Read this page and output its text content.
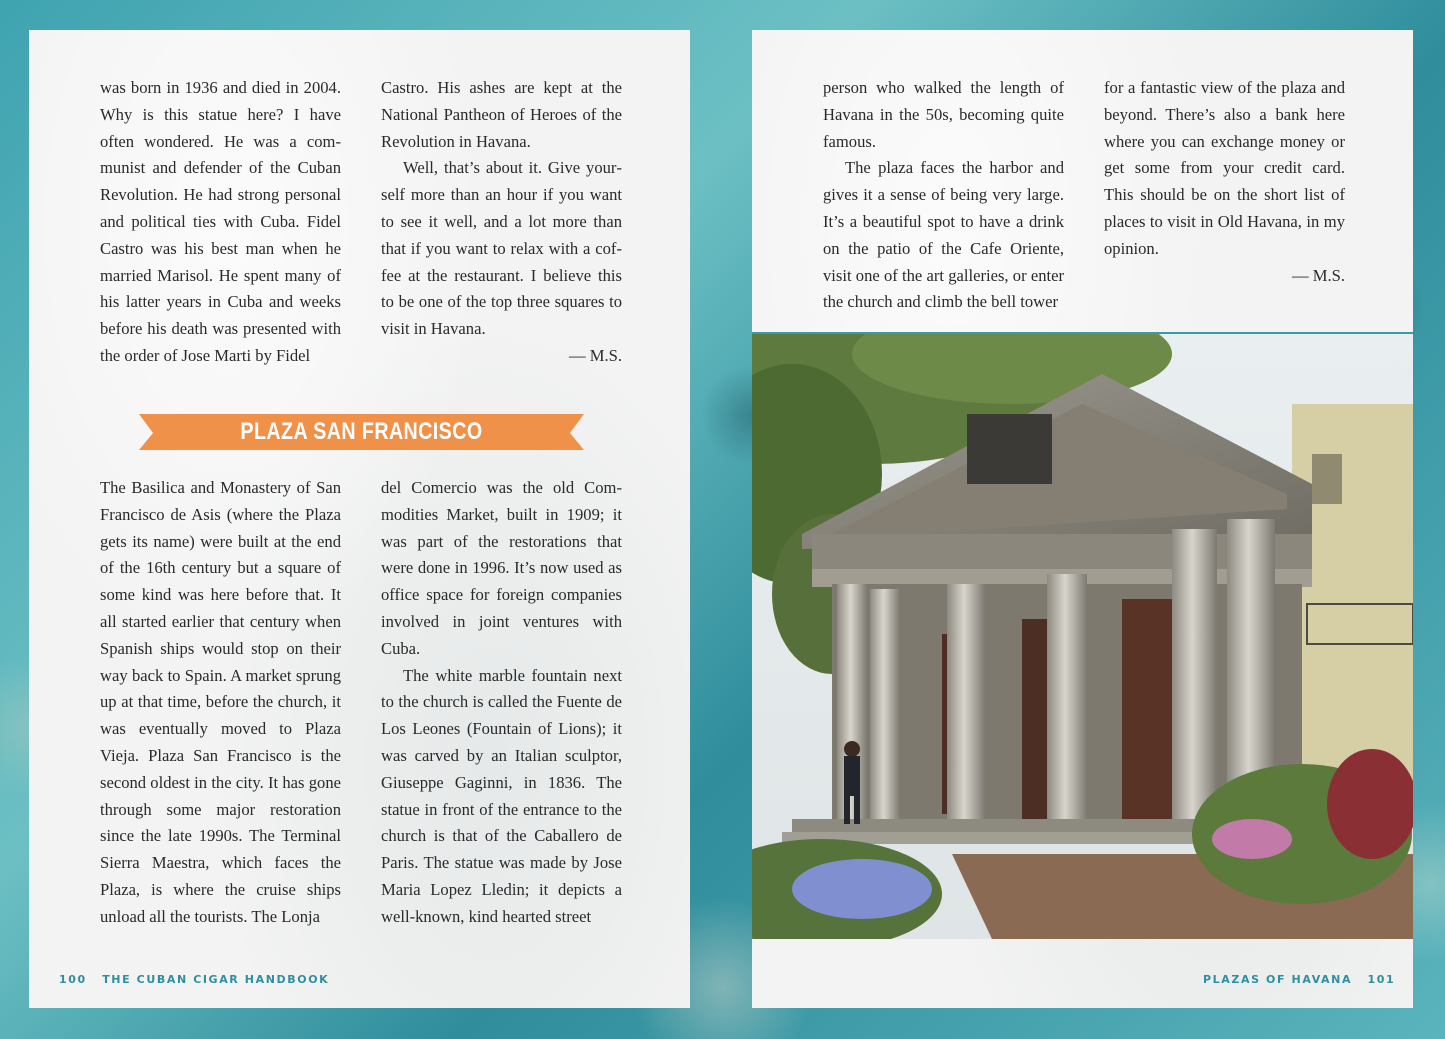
was born in 1936 and died in 2004. Why is this statue here? I have often wondered. He was a communist and defender of the Cuban Revolution. He had strong personal and political ties with Cuba. Fidel Castro was his best man when he married Marisol. He spent many of his latter years in Cuba and weeks before his death was presented with the order of Jose Marti by Fidel

Castro. His ashes are kept at the National Pantheon of Heroes of the Revolution in Havana.

Well, that’s about it. Give yourself more than an hour if you want to see it well, and a lot more than that if you want to relax with a coffee at the restaurant. I believe this to be one of the top three squares to visit in Havana.

— M.S.

PLAZA SAN FRANCISCO

The Basilica and Monastery of San Francisco de Asis (where the Plaza gets its name) were built at the end of the 16th century but a square of some kind was here before that. It all started earlier that century when Spanish ships would stop on their way back to Spain. A market sprung up at that time, before the church, it was eventually moved to Plaza Vieja. Plaza San Francisco is the second oldest in the city. It has gone through some major restoration since the late 1990s. The Terminal Sierra Maestra, which faces the Plaza, is where the cruise ships unload all the tourists. The Lonja

del Comercio was the old Commodities Market, built in 1909; it was part of the restorations that were done in 1996. It’s now used as office space for foreign companies involved in joint ventures with Cuba.

The white marble fountain next to the church is called the Fuente de Los Leones (Fountain of Lions); it was carved by an Italian sculptor, Giuseppe Gaginni, in 1836. The statue in front of the entrance to the church is that of the Caballero de Paris. The statue was made by Jose Maria Lopez Lledin; it depicts a well-known, kind hearted street

100 THE CUBAN CIGAR HANDBOOK

person who walked the length of Havana in the 50s, becoming quite famous.

The plaza faces the harbor and gives it a sense of being very large. It’s a beautiful spot to have a drink on the patio of the Cafe Oriente, visit one of the art galleries, or enter the church and climb the bell tower

for a fantastic view of the plaza and beyond. There’s also a bank here where you can exchange money or get some from your credit card. This should be on the short list of places to visit in Old Havana, in my opinion.

— M.S.

PLAZAS OF HAVANA 101
